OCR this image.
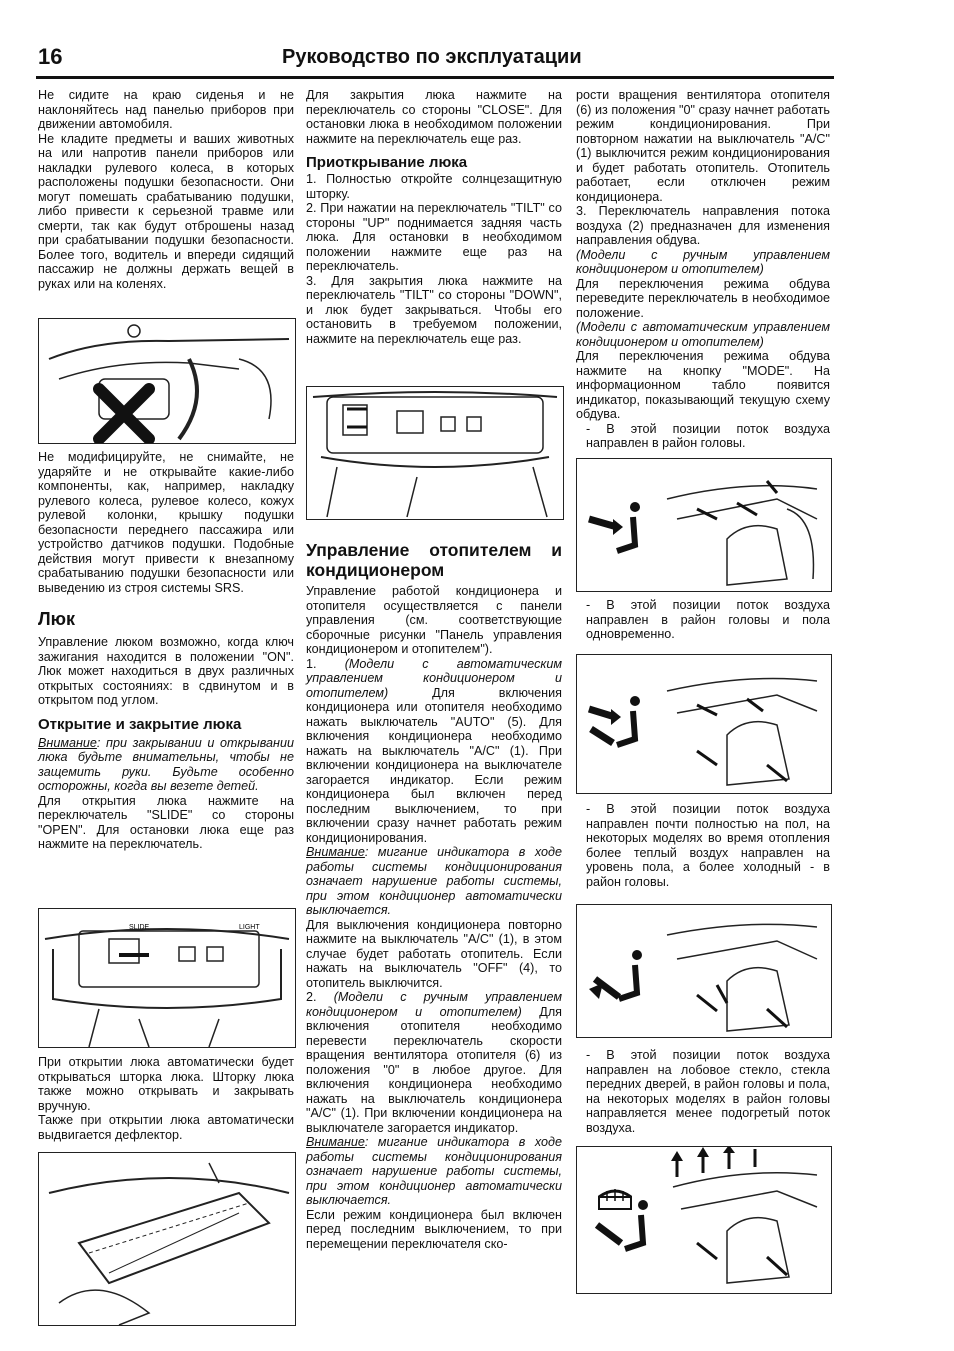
16	Руководство по эксплуатации

Не сидите на краю сиденья и не наклоняйтесь над панелью приборов при движении автомобиля.

Не кладите предметы и ваших животных на или напротив панели приборов или накладки рулевого колеса, в которых расположены подушки безопасности. Они могут помешать срабатыванию подушки, либо привести к серьезной травме или смерти, так как будут отброшены назад при срабатывании подушки безопасности. Более того, водитель и впереди сидящий пассажир не должны держать вещей в руках или на коленях.

Не модифицируйте, не снимайте, не ударяйте и не открывайте какие-либо компоненты, как, например, накладку рулевого колеса, рулевое колесо, кожух рулевой колонки, крышку подушки безопасности переднего пассажира или устройство датчиков подушки. Подобные действия могут привести к внезапному срабатыванию подушки безопасности или выведению из строя системы SRS.

Люк

Управление люком возможно, когда ключ зажигания находится в положении "ON". Люк может находиться в двух различных открытых состояниях: в сдвинутом и в открытом под углом.

Открытие и закрытие люка

Внимание: при закрывании и открывании люка будьте внимательны, чтобы не защемить руки. Будьте особенно осторожны, когда вы везете детей.

Для открытия люка нажмите на переключатель "SLIDE" со стороны "OPEN". Для остановки люка еще раз нажмите на переключатель.

SLIDE	LIGHT

При открытии люка автоматически будет открываться шторка люка. Шторку люка также можно открывать и закрывать вручную.

Также при открытии люка автоматически выдвигается дефлектор.

Для закрытия люка нажмите на переключатель со стороны "CLOSE". Для остановки люка в необходимом положении нажмите на переключатель еще раз.

Приоткрывание люка

1. Полностью откройте солнцезащитную шторку.

2. При нажатии на переключатель "TILT" со стороны "UP" поднимается задняя часть люка. Для остановки в необходимом положении нажмите еще раз на переключатель.

3. Для закрытия люка нажмите на переключатель "TILT" со стороны "DOWN", и люк будет закрываться. Чтобы его остановить в требуемом положении, нажмите на переключатель еще раз.

Управление отопителем и кондиционером

Управление работой кондиционера и отопителя осуществляется с панели управления (см. соответствующие сборочные рисунки "Панель управления кондиционером и отопителем").

1. (Модели с автоматическим управлением кондиционером и отопителем) Для включения кондиционера или отопителя необходимо нажать выключатель "AUTO" (5). Для включения кондиционера необходимо нажать на выключатель "A/C" (1). При включении кондиционера на выключателе загорается индикатор. Если режим кондиционера был включен перед последним выключением, то при включении сразу начнет работать режим кондиционирования.

Внимание: мигание индикатора в ходе работы системы кондиционирования означает нарушение работы системы, при этом кондиционер автоматически выключается.

Для выключения кондиционера повторно нажмите на выключатель "A/C" (1), в этом случае будет работать отопитель. Если нажать на выключатель "OFF" (4), то отопитель выключится.

2. (Модели с ручным управлением кондиционером и отопителем) Для включения отопителя необходимо перевести переключатель скорости вращения вентилятора отопителя (6) из положения "0" в любое другое. Для включения кондиционера необходимо нажать на выключатель кондиционера "A/C" (1). При включении кондиционера на выключателе загорается индикатор.

Внимание: мигание индикатора в ходе работы системы кондиционирования означает нарушение работы системы, при этом кондиционер автоматически выключается.

Если режим кондиционера был включен перед последним выключением, то при перемещении переключателя ско-

рости вращения вентилятора отопителя (6) из положения "0" сразу начнет работать режим кондиционирования. При повторном нажатии на выключатель "A/C" (1) выключится режим кондиционирования и будет работать отопитель. Отопитель работает, если отключен режим кондиционера.

3. Переключатель направления потока воздуха (2) предназначен для изменения направления обдува.

(Модели с ручным управлением кондиционером и отопителем)

Для переключения режима обдува переведите переключатель в необходимое положение.

(Модели с автоматическим управлением кондиционером и отопителем)

Для переключения режима обдува нажмите на кнопку "MODE". На информационном табло появится индикатор, показывающий текущую схему обдува.

- В этой позиции поток воздуха направлен в район головы.

- В этой позиции поток воздуха направлен в район головы и пола одновременно.

- В этой позиции поток воздуха направлен почти полностью на пол, на некоторых моделях во время отопления более теплый воздух направлен на уровень пола, а более холодный - в район головы.

- В этой позиции поток воздуха направлен на лобовое стекло, стекла передних дверей, в район головы и пола, на некоторых моделях в район головы направляется менее подогретый поток воздуха.
